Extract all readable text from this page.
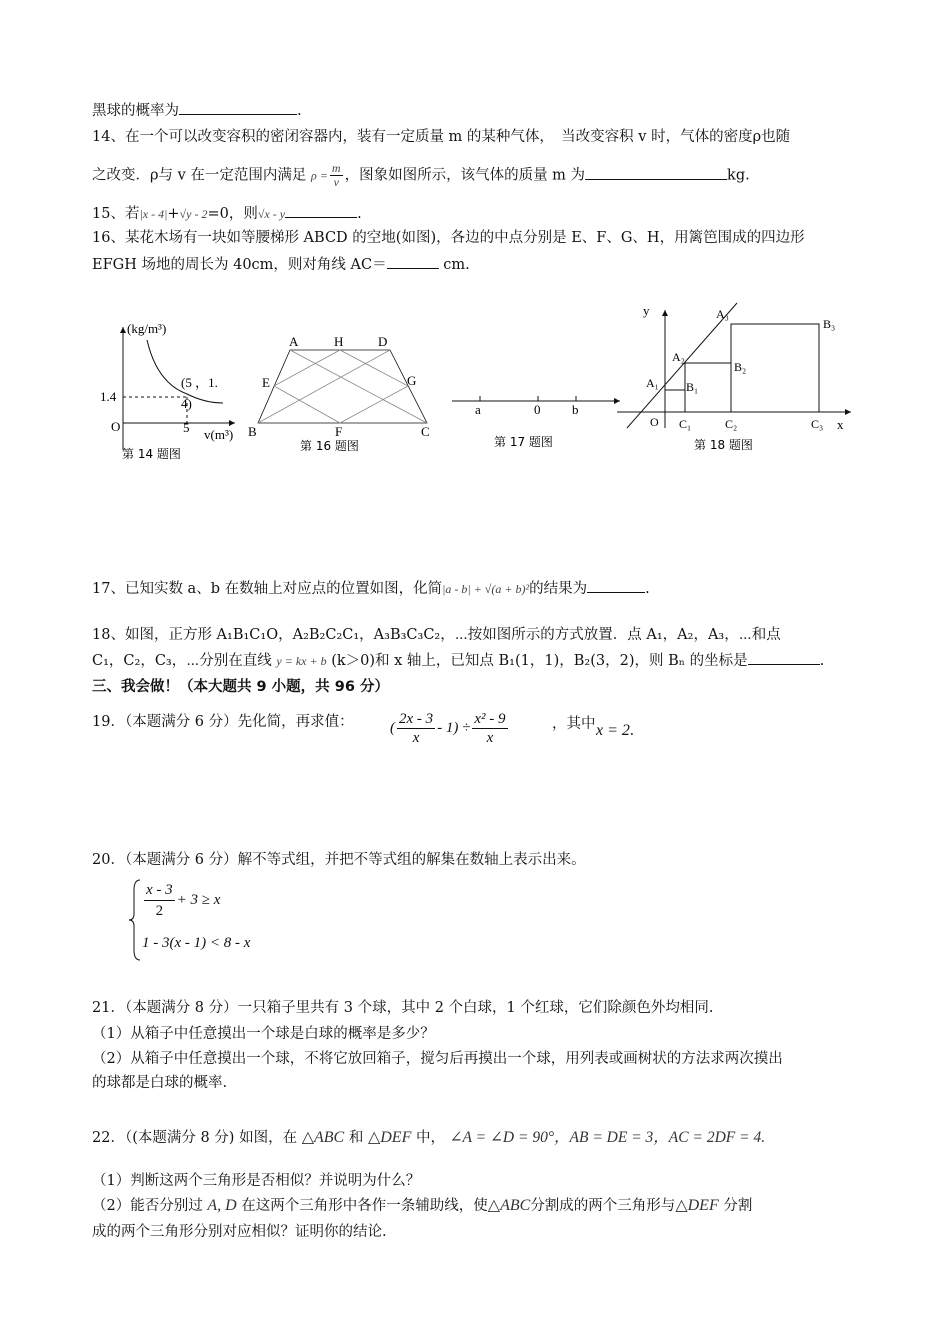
黑球的概率为	.
14、在一个可以改变容积的密闭容器内，装有一定质量 m 的某种气体，　当改变容积 v 时，气体的密度ρ也随
之改变．ρ与 v 在一定范围内满足 $\rho = \frac{m}{v}$ ，图象如图所示，该气体的质量 m 为	kg.
15、若|x - 4|+√y - 2=0，则√x - y	.
16、某花木场有一块如等腰梯形 ABCD 的空地(如图)，各边的中点分别是 E、F、G、H，用篱笆围成的四边形
EFGH 场地的周长为 40cm，则对角线 AC＝	cm.
(kg/m³)
1.4
(5 ，1.
4)
O	5 v(m³)
第 14 题图
A	H	D
E	G
B	F	C
第 16 题图
a	0 b
第 17 题图
y	A₃
B₃
A₂
B₂
A₁ B₁
O C₁	C₂	C₃ x
第 18 题图
17、已知实数 a、b 在数轴上对应点的位置如图，化简|a - b| + √(a + b)²的结果为	.
18、如图，正方形 A₁B₁C₁O，A₂B₂C₂C₁，A₃B₃C₃C₂，⋯按如图所示的方式放置．点 A₁，A₂，A₃，⋯和点
C₁，C₂，C₃，⋯分别在直线 y = kx + b (k＞0)和 x 轴上，已知点 B₁(1，1)，B₂(3，2)，则 Bₙ 的坐标是	.
三、我会做！（本大题共 9 小题，共 96 分）
19．（本题满分 6 分）先化简，再求值： ( $\frac{2x - 3}{x} - 1) \div \frac{\text{x² - 9}}{x}$	，其中 x = 2.
20．（本题满分 6 分）解不等式组，并把不等式组的解集在数轴上表示出来。
$\frac{x - 3}{2} + 3 \ge x$
1 - 3(x - 1) < 8 - x
21．（本题满分 8 分）一只箱子里共有 3 个球，其中 2 个白球，1 个红球，它们除颜色外均相同.
（1）从箱子中任意摸出一个球是白球的概率是多少？
（2）从箱子中任意摸出一个球，不将它放回箱子，搅匀后再摸出一个球，用列表或画树状的方法求两次摸出
的球都是白球的概率.
22．（(本题满分 8 分) 如图，在 △ABC 和 △DEF 中， ∠A = ∠D = 90°，AB = DE = 3，AC = 2DF = 4.
（1）判断这两个三角形是否相似？并说明为什么？
（2）能否分别过 A, D 在这两个三角形中各作一条辅助线，使△ABC分割成的两个三角形与△DEF 分割
成的两个三角形分别对应相似？证明你的结论.
